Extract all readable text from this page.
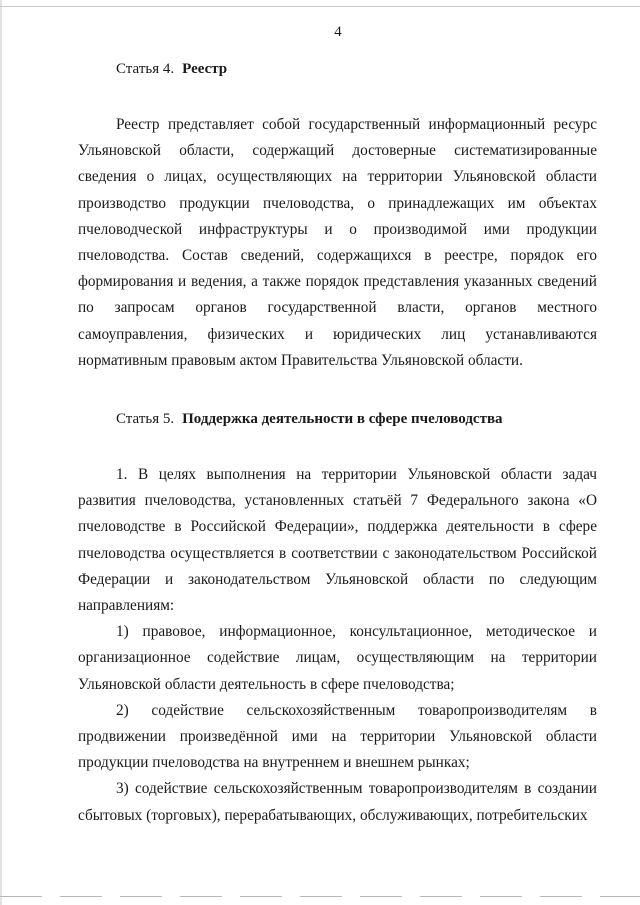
4
Статья 4. Реестр

Реестр представляет собой государственный информационный ресурс Ульяновской области, содержащий достоверные систематизированные сведения о лицах, осуществляющих на территории Ульяновской области производство продукции пчеловодства, о принадлежащих им объектах пчеловодческой инфраструктуры и о производимой ими продукции пчеловодства. Состав сведений, содержащихся в реестре, порядок его формирования и ведения, а также порядок представления указанных сведений по запросам органов государственной власти, органов местного самоуправления, физических и юридических лиц устанавливаются нормативным правовым актом Правительства Ульяновской области.

Статья 5. Поддержка деятельности в сфере пчеловодства

1. В целях выполнения на территории Ульяновской области задач развития пчеловодства, установленных статьёй 7 Федерального закона «О пчеловодстве в Российской Федерации», поддержка деятельности в сфере пчеловодства осуществляется в соответствии с законодательством Российской Федерации и законодательством Ульяновской области по следующим направлениям:

1) правовое, информационное, консультационное, методическое и организационное содействие лицам, осуществляющим на территории Ульяновской области деятельность в сфере пчеловодства;

2) содействие сельскохозяйственным товаропроизводителям в продвижении произведённой ими на территории Ульяновской области продукции пчеловодства на внутреннем и внешнем рынках;

3) содействие сельскохозяйственным товаропроизводителям в создании сбытовых (торговых), перерабатывающих, обслуживающих, потребительских
